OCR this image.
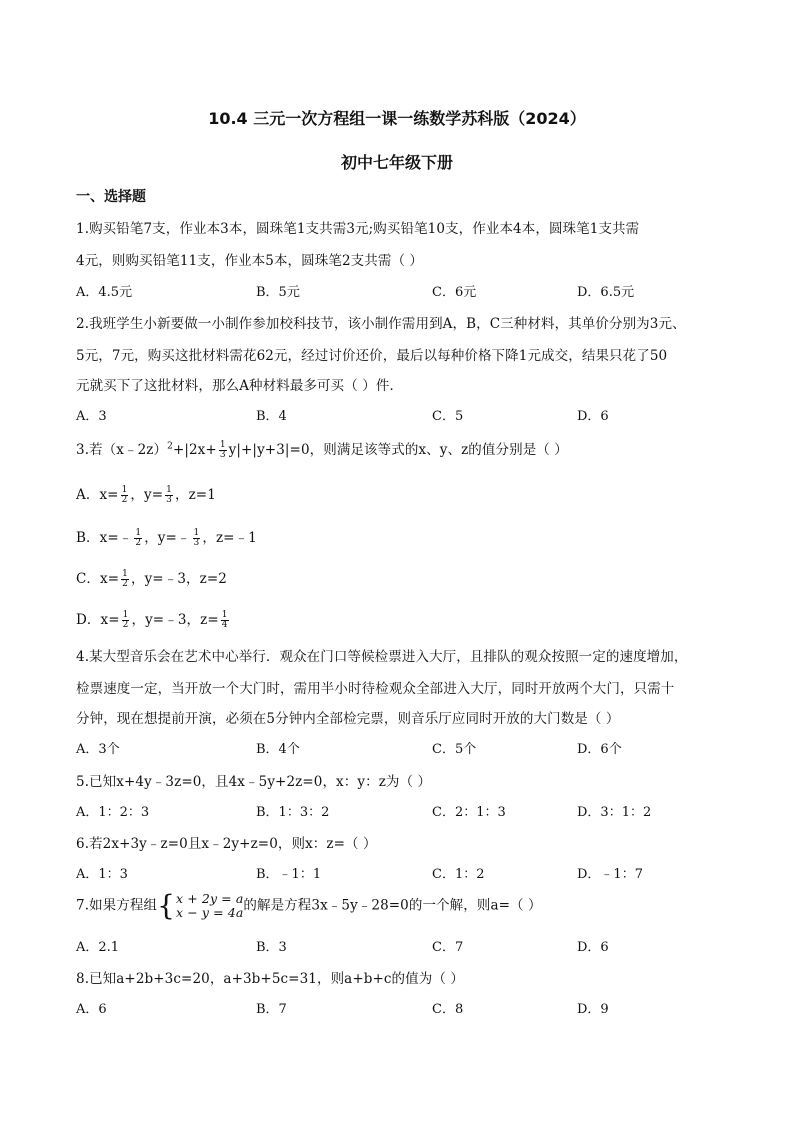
10.4 三元一次方程组一课一练数学苏科版（2024）
初中七年级下册
一、选择题
1.购买铅笔7支，作业本3本，圆珠笔1支共需3元;购买铅笔10支，作业本4本，圆珠笔1支共需
4元，则购买铅笔11支，作业本5本，圆珠笔2支共需（ ）
A．4.5元	B．5元	C．6元	D．6.5元
2.我班学生小新要做一小制作参加校科技节，该小制作需用到A，B，C三种材料，其单价分别为3元、
5元，7元，购买这批材料需花62元，经过讨价还价，最后以每种价格下降1元成交，结果只花了50
元就买下了这批材料，那么A种材料最多可买（ ）件．
A．3	B．4	C．5	D．6
3.若（x﹣2z）$^2$+|2x+ $\frac{1}{3} y|+|y+3|=0$，则满足该等式的x、y、z的值分别是（ ）
A．$x= \frac{1}{2}$ ，$y= \frac{1}{3}$ ，z=1
B．x=﹣ $\frac{1}{2}$ ，y=﹣ $\frac{1}{3}$ ，z=﹣1
C．$x= \frac{1}{2}$ ，y=﹣3，z=2
D．$x= \frac{1}{2}$ ，y=﹣3，$z= \frac{1}{4}$
4.某大型音乐会在艺术中心举行．观众在门口等候检票进入大厅，且排队的观众按照一定的速度增加，
检票速度一定，当开放一个大门时，需用半小时待检观众全部进入大厅，同时开放两个大门，只需十
分钟，现在想提前开演，必须在5分钟内全部检完票，则音乐厅应同时开放的大门数是（ ）
A．3个	B．4个	C．5个	D．6个
5.已知x+4y﹣3z=0，且4x﹣5y+2z=0，x：y：z为（ ）
A．1：2：3	B．1：3：2	C．2：1：3	D．3：1：2
6.若2x+3y﹣z=0且x﹣2y+z=0，则x：z=（ ）
A．1：3	B．﹣1：1	C．1：2	D．﹣1：7
7.如果方程组{ x + 2y = a
x − y = 4a 的解是方程3x﹣5y﹣28=0的一个解，则a=（ ）
A．2.1	B．3	C．7	D．6
8.已知a+2b+3c=20，a+3b+5c=31，则a+b+c的值为（ ）
A．6	B．7	C．8	D．9
